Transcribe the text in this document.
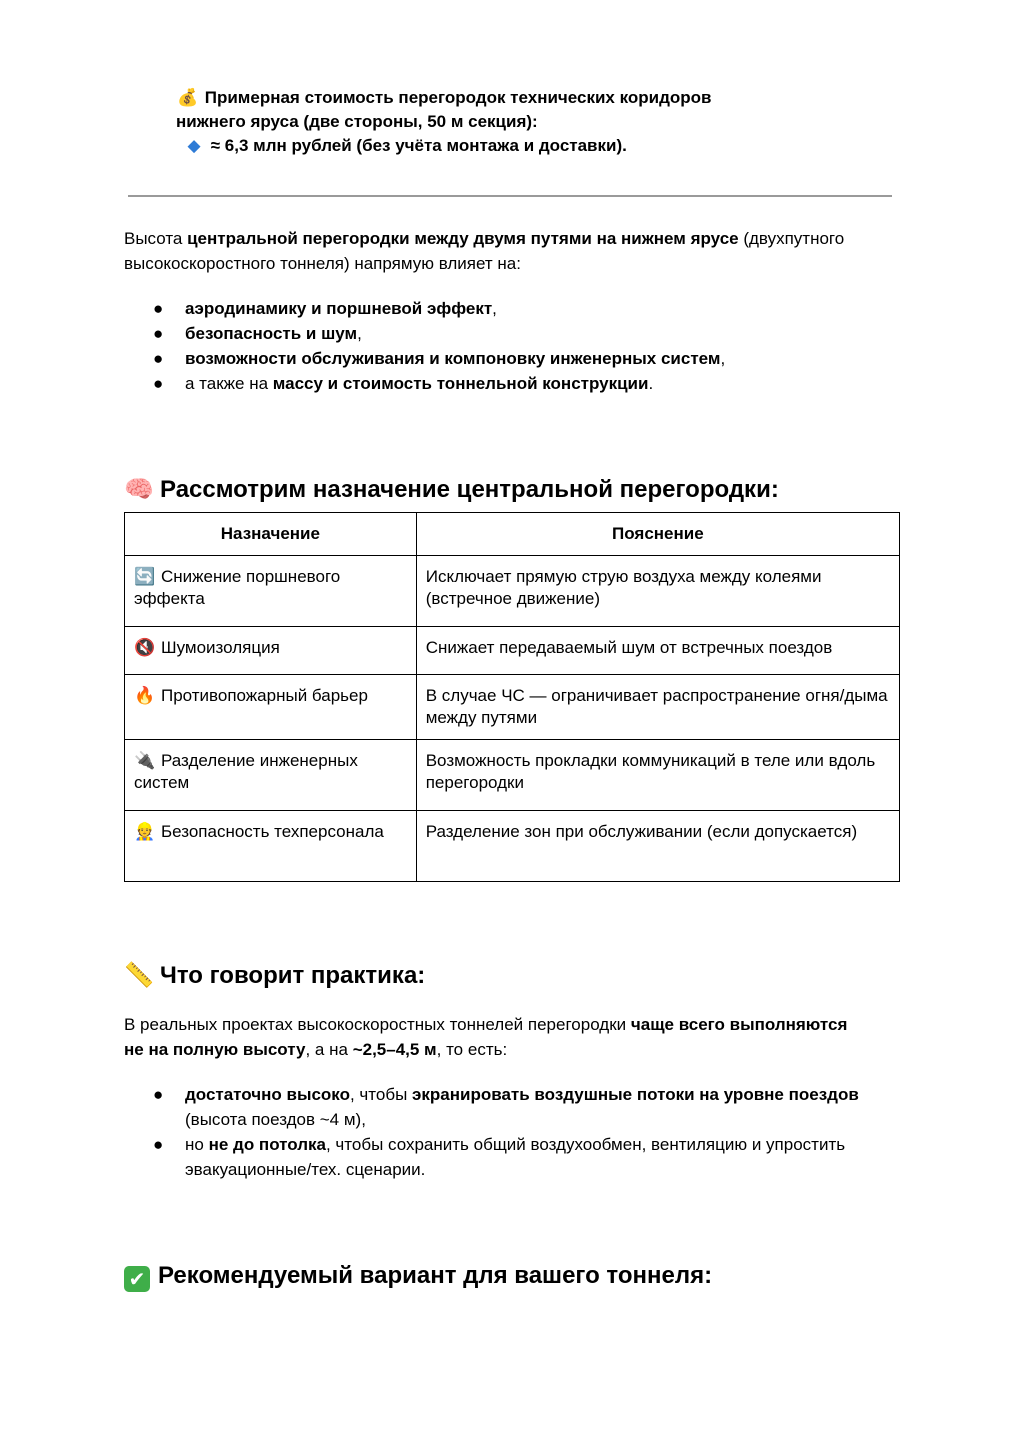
💰 Примерная стоимость перегородок технических коридоров
нижнего яруса (две стороны, 50 м секция):
◆ ≈ 6,3 млн рублей (без учёта монтажа и доставки).
Высота центральной перегородки между двумя путями на нижнем ярусе (двухпутного высокоскоростного тоннеля) напрямую влияет на:
● аэродинамику и поршневой эффект,
● безопасность и шум,
● возможности обслуживания и компоновку инженерных систем,
● а также на массу и стоимость тоннельной конструкции.
🧠 Рассмотрим назначение центральной перегородки:
Назначение	Пояснение
🔄 Снижение поршневого эффекта	Исключает прямую струю воздуха между колеями (встречное движение)
🔇 Шумоизоляция	Снижает передаваемый шум от встречных поездов
🔥 Противопожарный барьер	В случае ЧС — ограничивает распространение огня/дыма между путями
🔌 Разделение инженерных систем	Возможность прокладки коммуникаций в теле или вдоль перегородки
👷 Безопасность техперсонала	Разделение зон при обслуживании (если допускается)
📏 Что говорит практика:
В реальных проектах высокоскоростных тоннелей перегородки чаще всего выполняются не на полную высоту, а на ~2,5–4,5 м, то есть:
● достаточно высоко, чтобы экранировать воздушные потоки на уровне поездов (высота поездов ~4 м),
● но не до потолка, чтобы сохранить общий воздухообмен, вентиляцию и упростить эвакуационные/тех. сценарии.
✔ Рекомендуемый вариант для вашего тоннеля:
